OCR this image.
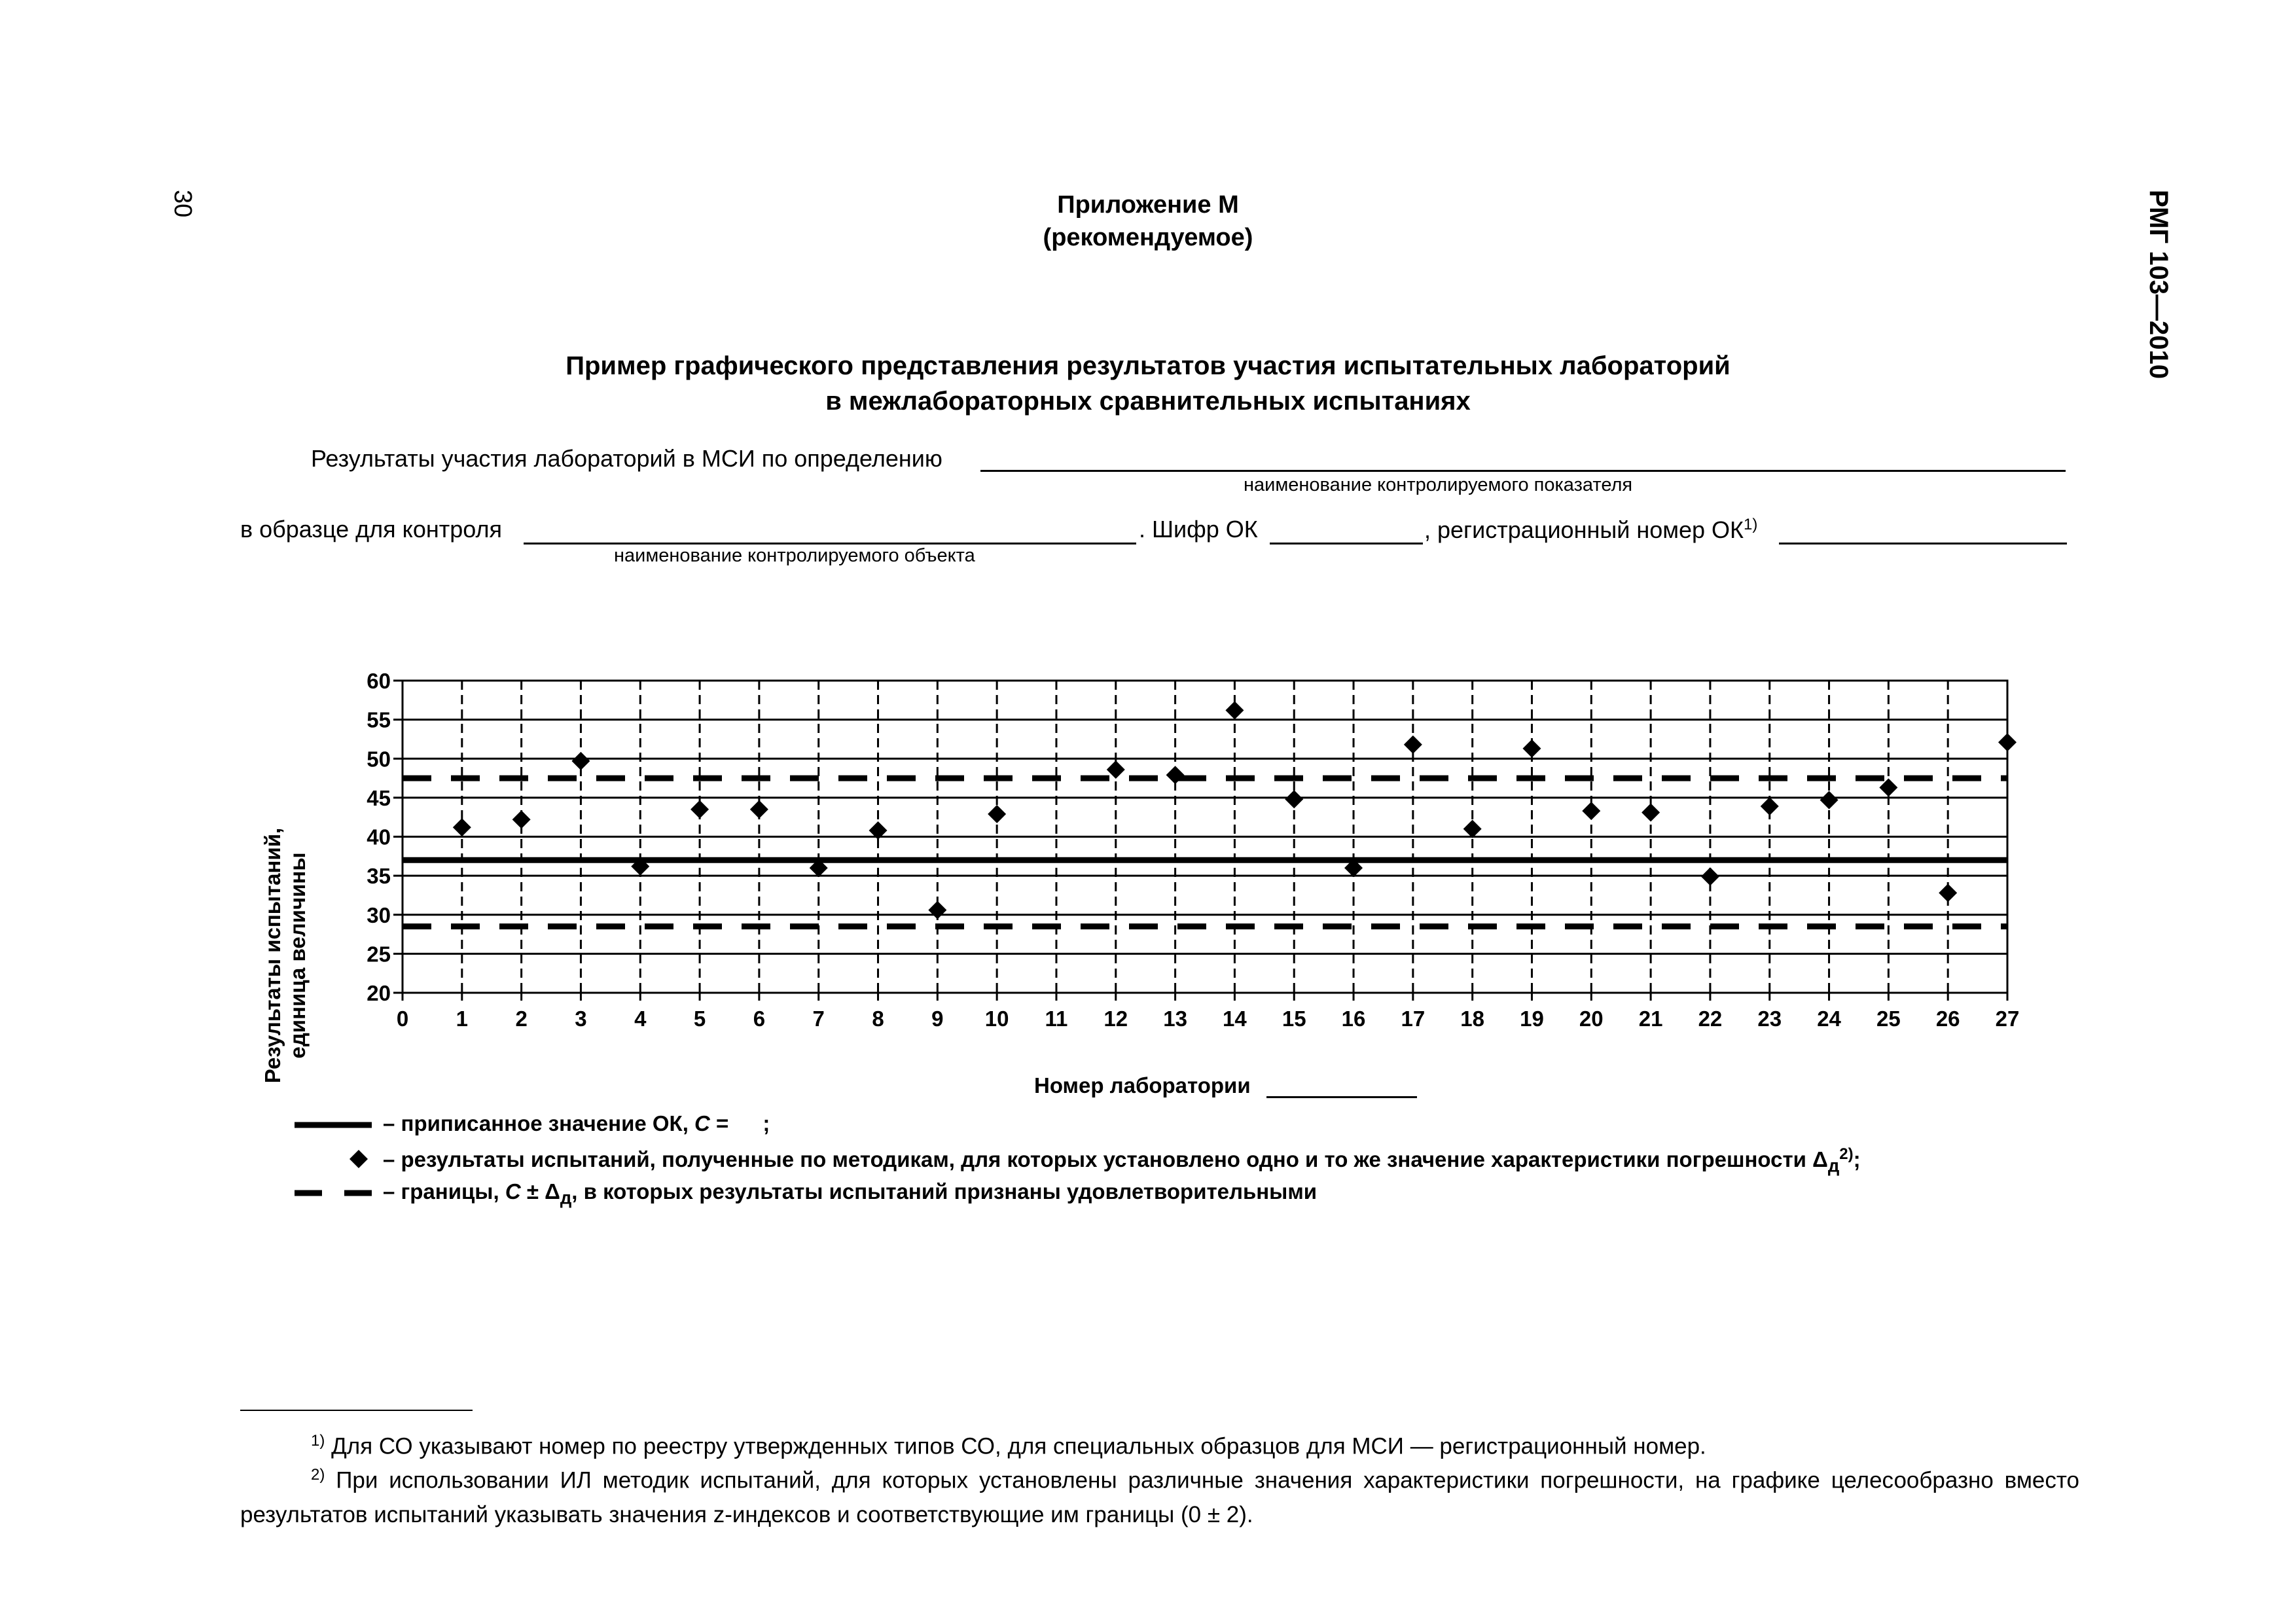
30	РМГ 103—2010
Приложение М
(рекомендуемое)
Пример графического представления результатов участия испытательных лабораторий
в межлабораторных сравнительных испытаниях
Результаты участия лабораторий в МСИ по определению
наименование контролируемого показателя
в образце для контроля
наименование контролируемого объекта
. Шифр ОК	, регистрационный номер ОК$^{1)}$
20
25
30
35
40
45
50
55
60
0 1 2 3 4 5 6 7 8 9 10 11 12 13 14 15 16 17 18 19 20 21 22 23 24 25 26 27
Результаты испытаний, единица величины
Номер лаборатории
– приписанное значение ОК, C = ;
– результаты испытаний, полученные по методикам, для которых установлено одно и то же значение характеристики погрешности $\Delta_д^{2)}$;
– границы, $C \pm \Delta_д$, в которых результаты испытаний признаны удовлетворительными
$^{1)}$ Для СО указывают номер по реестру утвержденных типов СО, для специальных образцов для МСИ — регистрационный номер.
$^{2)}$ При использовании ИЛ методик испытаний, для которых установлены различные значения характеристики погрешности, на графике целесообразно вместо результатов испытаний указывать значения z-индексов и соответствующие им границы (0 ± 2).
